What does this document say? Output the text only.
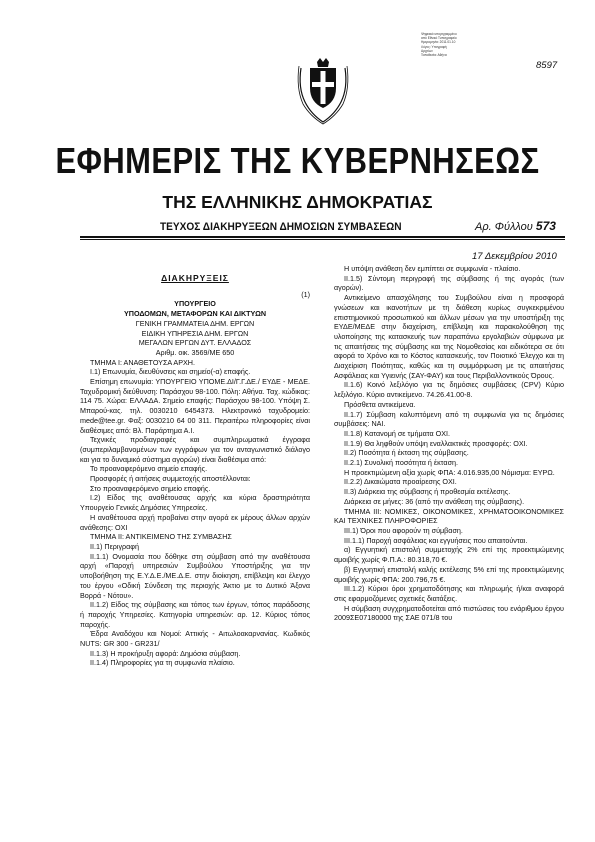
Ψηφιακά υπογεγραμμένο
από Εθνικό Τυπογραφείο
Ημερομηνία: 2011.01.10
Λόγος: Υπογραφή
Αρχείων
Τοποθεσία: Αθήνα
8597
ΕΦΗΜΕΡΙΣ ΤΗΣ ΚΥΒΕΡΝΗΣΕΩΣ
ΤΗΣ ΕΛΛΗΝΙΚΗΣ ΔΗΜΟΚΡΑΤΙΑΣ
ΤΕΥΧΟΣ ΔΙΑΚΗΡΥΞΕΩΝ ΔΗΜΟΣΙΩΝ ΣΥΜΒΑΣΕΩΝ	Αρ. Φύλλου 573
17 Δεκεμβρίου 2010
ΔΙΑΚΗΡΥΞΕΙΣ
(1)

ΥΠΟΥΡΓΕΙΟ

ΥΠΟΔΟΜΩΝ, ΜΕΤΑΦΟΡΩΝ ΚΑΙ ΔΙΚΤΥΩΝ

ΓΕΝΙΚΗ ΓΡΑΜΜΑΤΕΙΑ ΔΗΜ. ΕΡΓΩΝ

ΕΙΔΙΚΗ ΥΠΗΡΕΣΙΑ ΔΗΜ. ΕΡΓΩΝ

ΜΕΓΑΛΩΝ ΕΡΓΩΝ ΔΥΤ. ΕΛΛΑΔΟΣ

Αριθμ. οικ. 3569/ΜΕ 650

ΤΜΗΜΑ Ι: ΑΝΑΘΕΤΟΥΣΑ ΑΡΧΗ.

Ι.1) Επωνυμία, διευθύνσεις και σημείο(-α) επαφής.

Επίσημη επωνυμία: ΥΠΟΥΡΓΕΙΟ ΥΠΟΜΕ.ΔΙ/Γ.Γ.ΔΕ./ ΕΥΔΕ - ΜΕΔΕ. Ταχυδρομική διεύθυνση: Παράσχου 98-100. Πόλη: Αθήνα. Ταχ. κώδικας: 114 75. Χώρα: ΕΛΛΑΔΑ. Σημείο επαφής: Παράσχου 98-100. Υπόψη Σ. Μπαρού-κας. τηλ. 0030210 6454373. Ηλεκτρονικό ταχυδρομείο: mede@tee.gr. Φαξ: 0030210 64 00 311. Περαιτέρω πληροφορίες είναι διαθέσιμες από: Βλ. Παράρτημα Α.Ι.

Τεχνικές προδιαγραφές και συμπληρωματικά έγγραφα (συμπεριλαμβανομένων των εγγράφων για τον ανταγωνιστικό διάλογο και για το δυναμικό σύστημα αγορών) είναι διαθέσιμα από:

Το προαναφερόμενο σημείο επαφής.

Προσφορές ή αιτήσεις συμμετοχής αποστέλλονται:

Στο προαναφερόμενο σημείο επαφής.

Ι.2) Είδος της αναθέτουσας αρχής και κύρια δραστηριότητα Υπουργείο Γενικές Δημόσιες Υπηρεσίες.

Η αναθέτουσα αρχή προβαίνει στην αγορά εκ μέρους άλλων αρχών ανάθεσης: ΟΧΙ

ΤΜΗΜΑ ΙΙ: ΑΝΤΙΚΕΙΜΕΝΟ ΤΗΣ ΣΥΜΒΑΣΗΣ

ΙΙ.1) Περιγραφή

ΙΙ.1.1) Ονομασία που δόθηκε στη σύμβαση από την αναθέτουσα αρχή «Παροχή υπηρεσιών Συμβούλου Υποστήριξης για την υποβοήθηση της Ε.Υ.Δ.Ε./ΜΕ.Δ.Ε. στην διοίκηση, επίβλεψη και έλεγχο του έργου «Οδική Σύνδεση της περιοχής Άκτιο με το Δυτικό Άξονα Βορρά - Νότου».

ΙΙ.1.2) Είδος της σύμβασης και τόπος των έργων, τόπος παράδοσης ή παροχής Υπηρεσίες. Κατηγορία υπηρεσιών: αρ. 12. Κύριος τόπος παροχής.

Έδρα Αναδόχου και Νομοί: Αττικής - Αιτωλοακαρνανίας. Κωδικός NUTS: GR 300 - GR231/

ΙΙ.1.3) Η προκήρυξη αφορά: Δημόσια σύμβαση.

ΙΙ.1.4) Πληροφορίες για τη συμφωνία πλαίσιο.

Η υπόψη ανάθεση δεν εμπίπτει σε συμφωνία - πλαίσιο.

ΙΙ.1.5) Σύντομη περιγραφή της σύμβασης ή της αγοράς (των αγορών).

Αντικείμενο απασχόλησης του Συμβούλου είναι η προσφορά γνώσεων και ικανοτήτων με τη διάθεση κυρίως συγκεκριμένου επιστημονικού προσωπικού και άλλων μέσων για την υποστήριξη της ΕΥΔΕ/ΜΕΔΕ στην διαχείριση, επίβλεψη και παρακολούθηση της υλοποίησης της κατασκευής των παραπάνω εργολαβιών σύμφωνα με τις απαιτήσεις της σύμβασης και της Νομοθεσίας και ειδικότερα σε ότι αφορά το Χρόνο και το Κόστος κατασκευής, τον Ποιοτικό Έλεγχο και τη Διαχείριση Ποιότητας, καθώς και τη συμμόρφωση με τις απαιτήσεις Ασφάλειας και Υγιεινής (ΣΑΥ-ΦΑΥ) και τους Περιβαλλοντικούς Όρους.

ΙΙ.1.6) Κοινό λεξιλόγιο για τις δημόσιες συμβάσεις (CPV) Κύριο λεξιλόγιο. Κύριο αντικείμενο. 74.26.41.00-8.

Πρόσθετα αντικείμενα.

ΙΙ.1.7) Σύμβαση καλυπτόμενη από τη συμφωνία για τις δημόσιες συμβάσεις: ΝΑΙ.

ΙΙ.1.8) Κατανομή σε τμήματα ΟΧΙ.

ΙΙ.1.9) Θα ληφθούν υπόψη εναλλακτικές προσφορές: ΟΧΙ.

ΙΙ.2) Ποσότητα ή έκταση της σύμβασης.

ΙΙ.2.1) Συνολική ποσότητα ή έκταση.

Η προεκτιμώμενη αξία χωρίς ΦΠΑ: 4.016.935,00 Νόμισμα: ΕΥΡΩ.

ΙΙ.2.2) Δικαιώματα προαίρεσης ΟΧΙ.

ΙΙ.3) Διάρκεια της σύμβασης ή προθεσμία εκτέλεσης.

Διάρκεια σε μήνες: 36 (από την ανάθεση της σύμβασης).

ΤΜΗΜΑ ΙΙΙ: ΝΟΜΙΚΕΣ, ΟΙΚΟΝΟΜΙΚΕΣ, ΧΡΗΜΑΤΟΟΙΚΟΝΟΜΙΚΕΣ ΚΑΙ ΤΕΧΝΙΚΕΣ ΠΛΗΡΟΦΟΡΙΕΣ

ΙΙΙ.1) Όροι που αφορούν τη σύμβαση.

ΙΙΙ.1.1) Παροχή ασφάλειας και εγγυήσεις που απαιτούνται.

α) Εγγυητική επιστολή συμμετοχής 2% επί της προεκτιμώμενης αμοιβής χωρίς Φ.Π.Α.: 80.318,70 €.

β) Εγγυητική επιστολή καλής εκτέλεσης 5% επί της προεκτιμώμενης αμοιβής χωρίς ΦΠΑ: 200.796,75 €.

ΙΙΙ.1.2) Κύριοι όροι χρηματοδότησης και πληρωμής ή/και αναφορά στις εφαρμοζόμενες σχετικές διατάξεις.

Η σύμβαση συγχρηματοδοτείται από πιστώσεις του ενάριθμου έργου 2009ΣΕ07180000 της ΣΑΕ 071/8 του
